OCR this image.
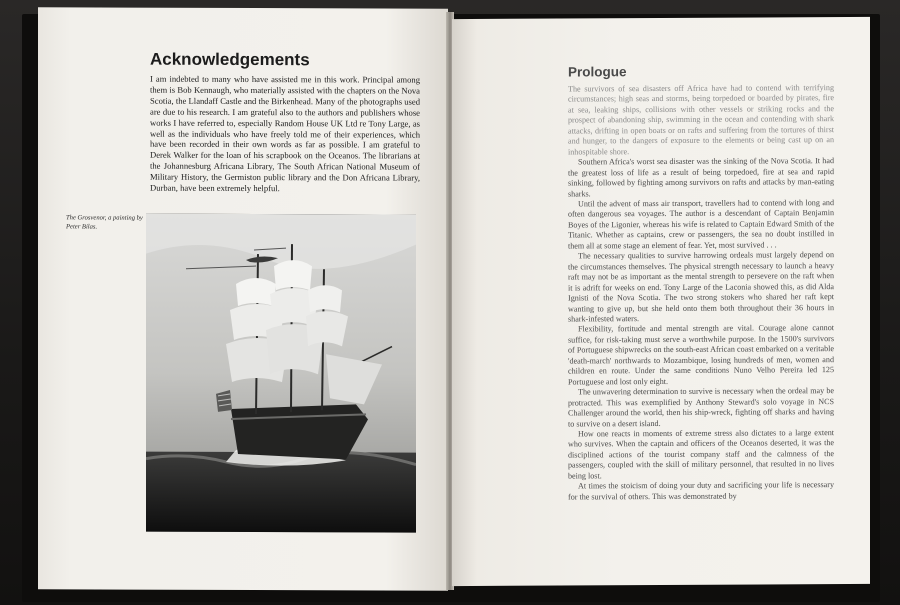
Acknowledgements

I am indebted to many who have assisted me in this work. Principal among them is Bob Kennaugh, who materially assisted with the chapters on the Nova Scotia, the Llandaff Castle and the Birkenhead. Many of the photographs used are due to his research. I am grateful also to the authors and publishers whose works I have referred to, especially Random House UK Ltd re Tony Large, as well as the individuals who have freely told me of their experiences, which have been recorded in their own words as far as possible. I am grateful to Derek Walker for the loan of his scrapbook on the Oceanos. The librarians at the Johannesburg Africana Library, The South African National Museum of Military History, the Germiston public library and the Don Africana Library, Durban, have been extremely helpful.

The Grosvenor, a painting by Peter Bilas.
Prologue

The survivors of sea disasters off Africa have had to contend with terrifying circumstances; high seas and storms, being torpedoed or boarded by pirates, fire at sea, leaking ships, collisions with other vessels or striking rocks and the prospect of abandoning ship, swimming in the ocean and contending with shark attacks, drifting in open boats or on rafts and suffering from the tortures of thirst and hunger, to the dangers of exposure to the elements or being cast up on an inhospitable shore.

Southern Africa's worst sea disaster was the sinking of the Nova Scotia. It had the greatest loss of life as a result of being torpedoed, fire at sea and rapid sinking, followed by fighting among survivors on rafts and attacks by man-eating sharks.

Until the advent of mass air transport, travellers had to contend with long and often dangerous sea voyages. The author is a descendant of Captain Benjamin Boyes of the Ligonier, whereas his wife is related to Captain Edward Smith of the Titanic. Whether as captains, crew or passengers, the sea no doubt instilled in them all at some stage an element of fear. Yet, most survived . . .

The necessary qualities to survive harrowing ordeals must largely depend on the circumstances themselves. The physical strength necessary to launch a heavy raft may not be as important as the mental strength to persevere on the raft when it is adrift for weeks on end. Tony Large of the Laconia showed this, as did Alda Ignisti of the Nova Scotia. The two strong stokers who shared her raft kept wanting to give up, but she held onto them both throughout their 36 hours in shark-infested waters.

Flexibility, fortitude and mental strength are vital. Courage alone cannot suffice, for risk-taking must serve a worthwhile purpose. In the 1500's survivors of Portuguese shipwrecks on the south-east African coast embarked on a veritable 'death-march' northwards to Mozambique, losing hundreds of men, women and children en route. Under the same conditions Nuno Velho Pereira led 125 Portuguese and lost only eight.

The unwavering determination to survive is necessary when the ordeal may be protracted. This was exemplified by Anthony Steward's solo voyage in NCS Challenger around the world, then his ship-wreck, fighting off sharks and having to survive on a desert island.

How one reacts in moments of extreme stress also dictates to a large extent who survives. When the captain and officers of the Oceanos deserted, it was the disciplined actions of the tourist company staff and the calmness of the passengers, coupled with the skill of military personnel, that resulted in no lives being lost.

At times the stoicism of doing your duty and sacrificing your life is necessary for the survival of others. This was demonstrated by
